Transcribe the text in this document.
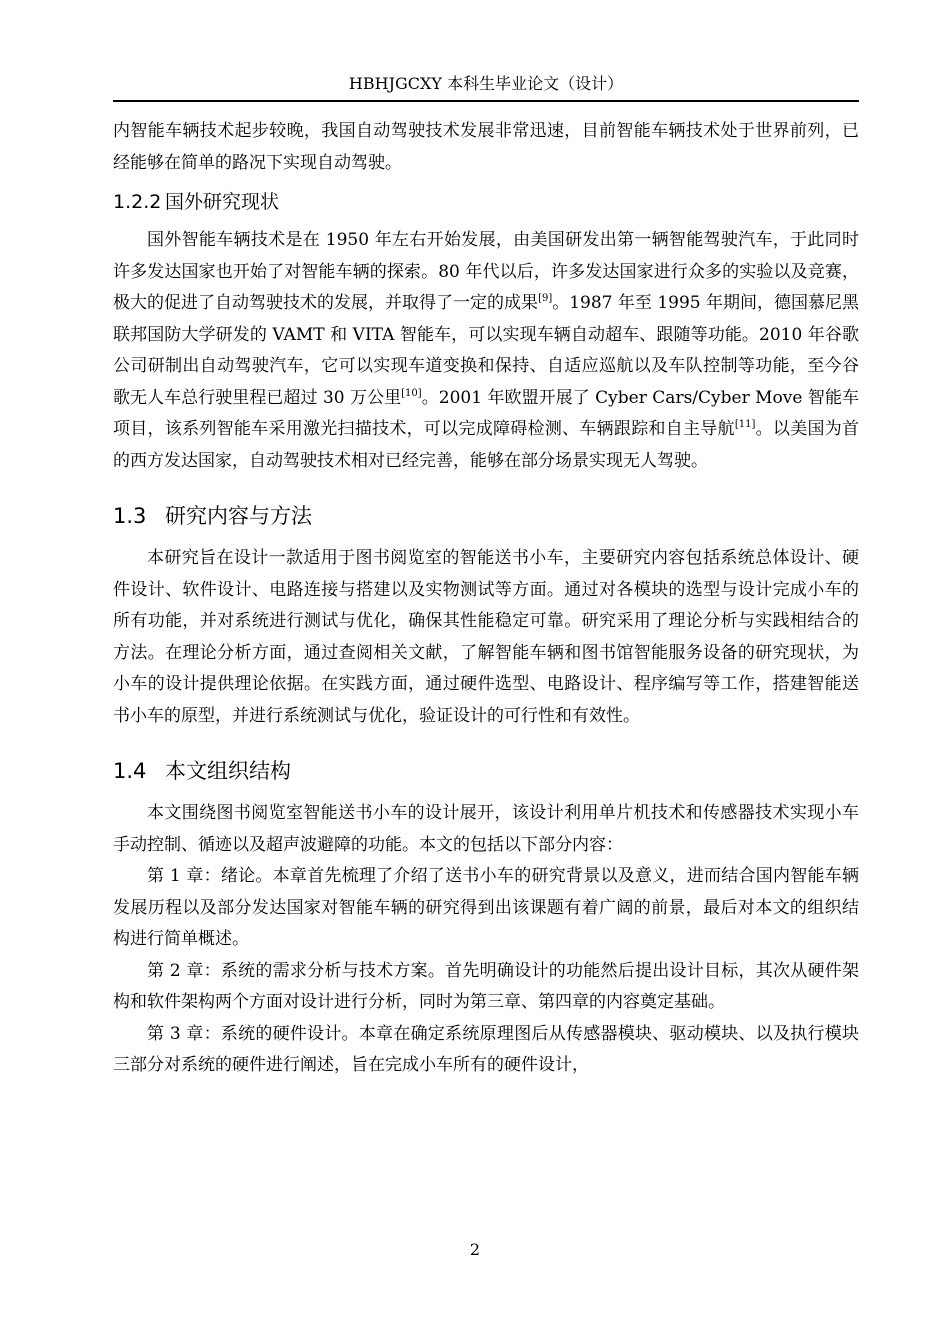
HBHJGCXY 本科生毕业论文（设计）

内智能车辆技术起步较晚，我国自动驾驶技术发展非常迅速，目前智能车辆技术处于世界前列，已经能够在简单的路况下实现自动驾驶。

1.2.2 国外研究现状

国外智能车辆技术是在 1950 年左右开始发展，由美国研发出第一辆智能驾驶汽车，于此同时许多发达国家也开始了对智能车辆的探索。80 年代以后，许多发达国家进行众多的实验以及竞赛，极大的促进了自动驾驶技术的发展，并取得了一定的成果[9]。1987 年至 1995 年期间，德国慕尼黑联邦国防大学研发的 VAMT 和 VITA 智能车，可以实现车辆自动超车、跟随等功能。2010 年谷歌公司研制出自动驾驶汽车，它可以实现车道变换和保持、自适应巡航以及车队控制等功能，至今谷歌无人车总行驶里程已超过 30 万公里[10]。2001 年欧盟开展了 Cyber Cars/Cyber Move 智能车项目，该系列智能车采用激光扫描技术，可以完成障碍检测、车辆跟踪和自主导航[11]。以美国为首的西方发达国家，自动驾驶技术相对已经完善，能够在部分场景实现无人驾驶。

1.3 研究内容与方法

本研究旨在设计一款适用于图书阅览室的智能送书小车，主要研究内容包括系统总体设计、硬件设计、软件设计、电路连接与搭建以及实物测试等方面。通过对各模块的选型与设计完成小车的所有功能，并对系统进行测试与优化，确保其性能稳定可靠。研究采用了理论分析与实践相结合的方法。在理论分析方面，通过查阅相关文献，了解智能车辆和图书馆智能服务设备的研究现状，为小车的设计提供理论依据。在实践方面，通过硬件选型、电路设计、程序编写等工作，搭建智能送书小车的原型，并进行系统测试与优化，验证设计的可行性和有效性。

1.4 本文组织结构

本文围绕图书阅览室智能送书小车的设计展开，该设计利用单片机技术和传感器技术实现小车手动控制、循迹以及超声波避障的功能。本文的包括以下部分内容：

第 1 章：绪论。本章首先梳理了介绍了送书小车的研究背景以及意义，进而结合国内智能车辆发展历程以及部分发达国家对智能车辆的研究得到出该课题有着广阔的前景，最后对本文的组织结构进行简单概述。

第 2 章：系统的需求分析与技术方案。首先明确设计的功能然后提出设计目标，其次从硬件架构和软件架构两个方面对设计进行分析，同时为第三章、第四章的内容奠定基础。

第 3 章：系统的硬件设计。本章在确定系统原理图后从传感器模块、驱动模块、以及执行模块三部分对系统的硬件进行阐述，旨在完成小车所有的硬件设计，

2
